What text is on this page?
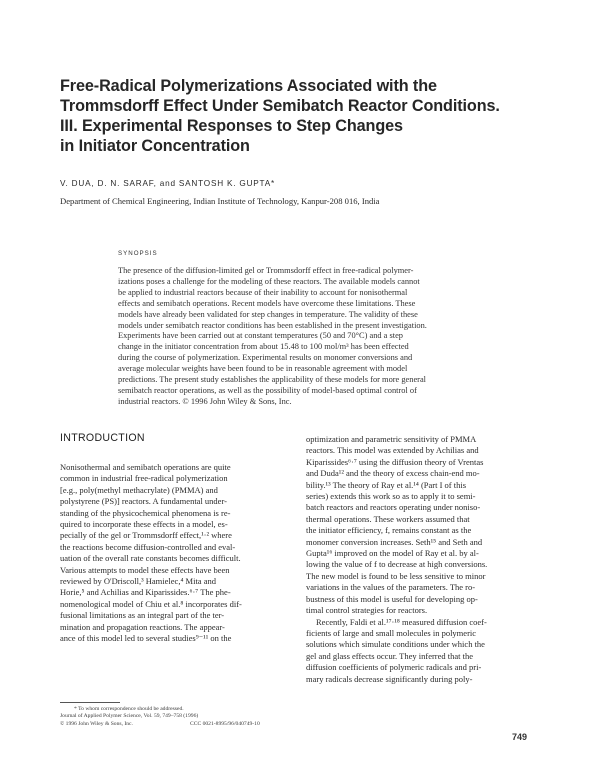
Free-Radical Polymerizations Associated with the
Trommsdorff Effect Under Semibatch Reactor Conditions.
III. Experimental Responses to Step Changes
in Initiator Concentration
V. DUA, D. N. SARAF, and SANTOSH K. GUPTA*
Department of Chemical Engineering, Indian Institute of Technology, Kanpur-208 016, India
SYNOPSIS
The presence of the diffusion-limited gel or Trommsdorff effect in free-radical polymer-
izations poses a challenge for the modeling of these reactors. The available models cannot
be applied to industrial reactors because of their inability to account for nonisothermal
effects and semibatch operations. Recent models have overcome these limitations. These
models have already been validated for step changes in temperature. The validity of these
models under semibatch reactor conditions has been established in the present investigation.
Experiments have been carried out at constant temperatures (50 and 70°C) and a step
change in the initiator concentration from about 15.48 to 100 mol/m³ has been effected
during the course of polymerization. Experimental results on monomer conversions and
average molecular weights have been found to be in reasonable agreement with model
predictions. The present study establishes the applicability of these models for more general
semibatch reactor operations, as well as the possibility of model-based optimal control of
industrial reactors. © 1996 John Wiley & Sons, Inc.
INTRODUCTION
Nonisothermal and semibatch operations are quite
common in industrial free-radical polymerization
[e.g., poly(methyl methacrylate) (PMMA) and
polystyrene (PS)] reactors. A fundamental under-
standing of the physicochemical phenomena is re-
quired to incorporate these effects in a model, es-
pecially of the gel or Trommsdorff effect,¹·² where
the reactions become diffusion-controlled and eval-
uation of the overall rate constants becomes difficult.
Various attempts to model these effects have been
reviewed by O'Driscoll,³ Hamielec,⁴ Mita and
Horie,⁵ and Achilias and Kiparissides.⁶·⁷ The phe-
nomenological model of Chiu et al.⁸ incorporates dif-
fusional limitations as an integral part of the ter-
mination and propagation reactions. The appear-
ance of this model led to several studies⁹⁻¹¹ on the
optimization and parametric sensitivity of PMMA
reactors. This model was extended by Achilias and
Kiparissides⁶·⁷ using the diffusion theory of Vrentas
and Duda¹² and the theory of excess chain-end mo-
bility.¹³ The theory of Ray et al.¹⁴ (Part I of this
series) extends this work so as to apply it to semi-
batch reactors and reactors operating under noniso-
thermal operations. These workers assumed that
the initiator efficiency, f, remains constant as the
monomer conversion increases. Seth¹⁵ and Seth and
Gupta¹⁶ improved on the model of Ray et al. by al-
lowing the value of f to decrease at high conversions.
The new model is found to be less sensitive to minor
variations in the values of the parameters. The ro-
bustness of this model is useful for developing op-
timal control strategies for reactors.
Recently, Faldi et al.¹⁷·¹⁸ measured diffusion coef-
ficients of large and small molecules in polymeric
solutions which simulate conditions under which the
gel and glass effects occur. They inferred that the
diffusion coefficients of polymeric radicals and pri-
mary radicals decrease significantly during poly-
* To whom correspondence should be addressed.
Journal of Applied Polymer Science, Vol. 59, 749–758 (1996)
© 1996 John Wiley & Sons, Inc.	CCC 0021-8995/96/040749-10
749
